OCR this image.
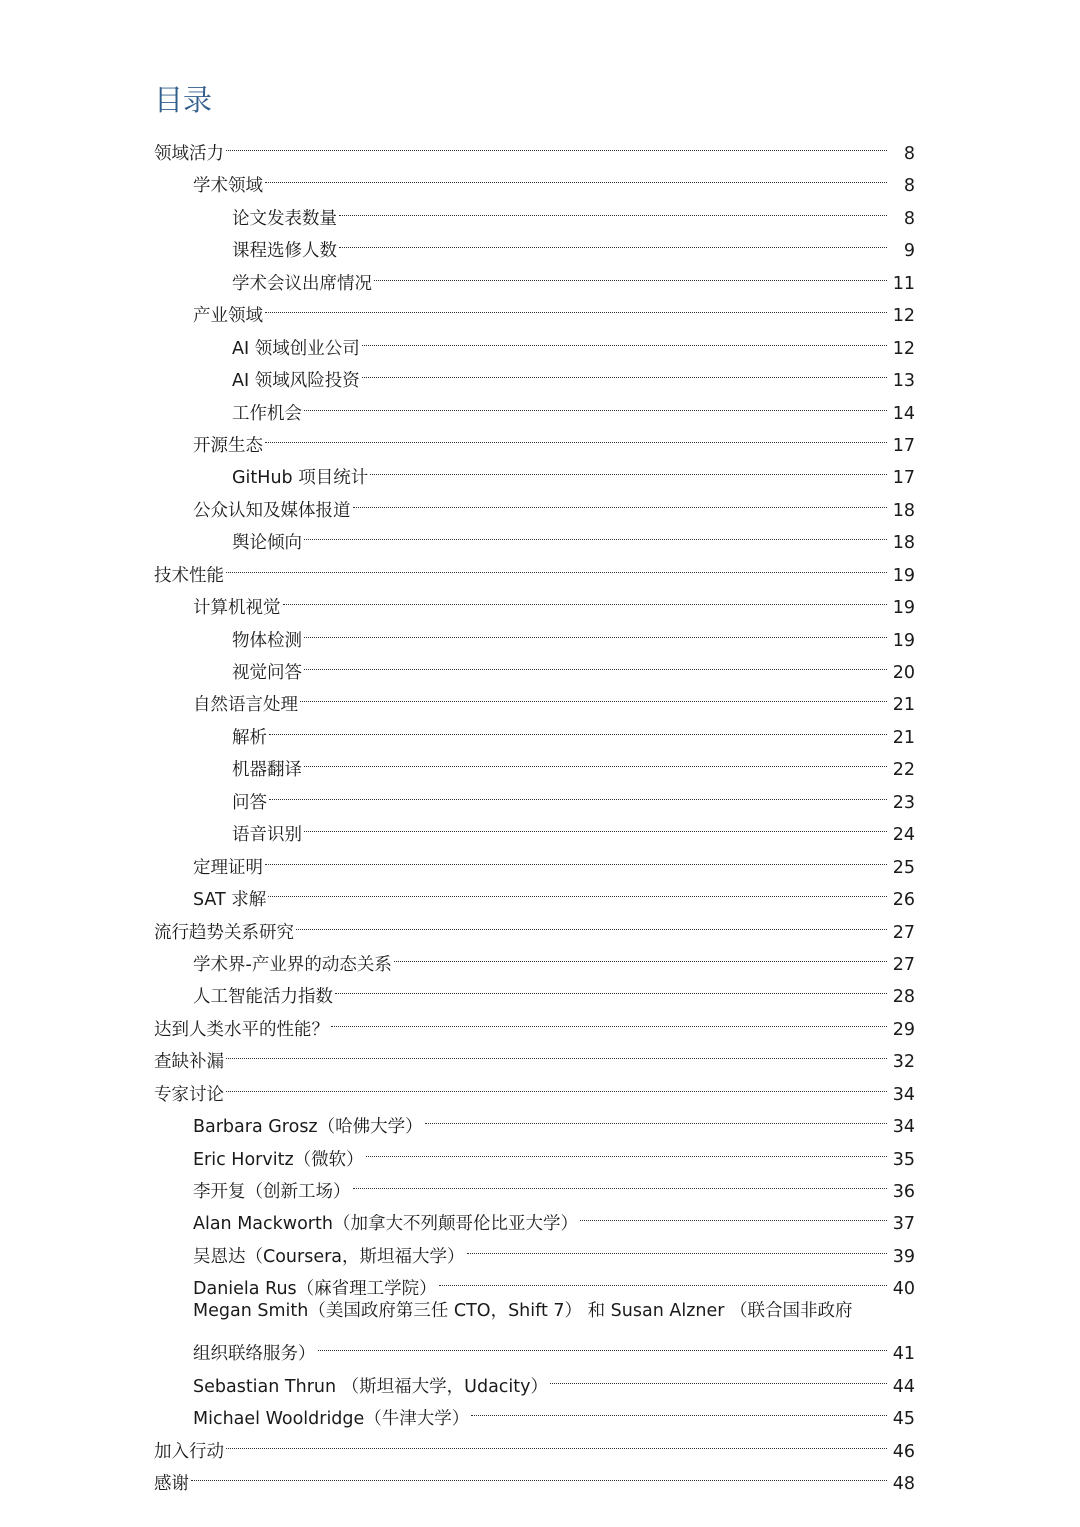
目录
领域活力	8
学术领域	8
论文发表数量	8
课程选修人数	9
学术会议出席情况	11
产业领域	12
AI 领域创业公司	12
AI 领域风险投资	13
工作机会	14
开源生态	17
GitHub 项目统计	17
公众认知及媒体报道	18
舆论倾向	18
技术性能	19
计算机视觉	19
物体检测	19
视觉问答	20
自然语言处理	21
解析	21
机器翻译	22
问答	23
语音识别	24
定理证明	25
SAT 求解	26
流行趋势关系研究	27
学术界-产业界的动态关系	27
人工智能活力指数	28
达到人类水平的性能？	29
查缺补漏	32
专家讨论	34
Barbara Grosz（哈佛大学）	34
Eric Horvitz（微软）	35
李开复（创新工场）	36
Alan Mackworth（加拿大不列颠哥伦比亚大学）	37
吴恩达（Coursera，斯坦福大学）	39
Daniela Rus（麻省理工学院）	40
Megan Smith（美国政府第三任 CTO，Shift 7） 和 Susan Alzner （联合国非政府
组织联络服务）	41
Sebastian Thrun （斯坦福大学，Udacity）	44
Michael Wooldridge（牛津大学）	45
加入行动	46
感谢	48
